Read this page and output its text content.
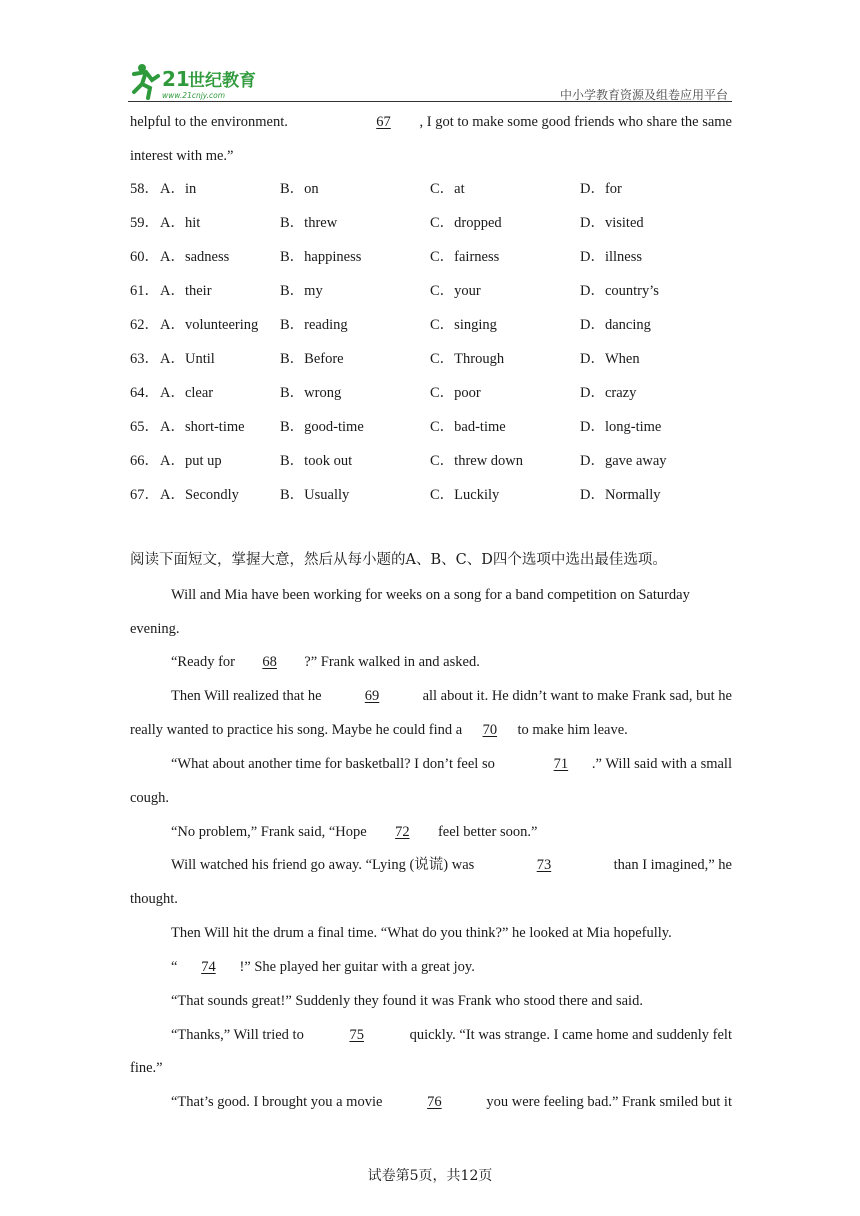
21
世纪教育
www.21cnjy.com	中小学教育资源及组卷应用平台
helpful to the environment.	67 , I got to make some good friends who share the same
interest with me.”
58． A．in	B．on	C．at	D．for
59． A．hit	B．threw	C．dropped	D．visited
60． A．sadness	B．happiness	C．fairness	D．illness
61． A．their	B．my	C．your	D．country’s
62． A．volunteering B．reading	C．singing	D．dancing
63． A．Until	B．Before	C．Through	D．When
64． A．clear	B．wrong	C．poor	D．crazy
65． A．short-time B．good-time	C．bad-time	D．long-time
66． A．put up	B．took out	C．threw down	D．gave away
67． A．Secondly	B．Usually	C．Luckily	D．Normally
阅读下面短文，掌握大意，然后从每小题的A、B、C、D四个选项中选出最佳选项。
Will and Mia have been working for weeks on a song for a band competition on Saturday
evening.
“Ready for 68 ?” Frank walked in and asked.
Then Will realized that he	69	all about it. He didn’t want to make Frank sad, but he
really wanted to practice his song. Maybe he could find a 70 to make him leave.
“What about another time for basketball? I don’t feel so	71 .” Will said with a small
cough.
“No problem,” Frank said, “Hope 72 feel better soon.”
Will watched his friend go away. “Lying (说谎) was	73	than I imagined,” he
thought.
Then Will hit the drum a final time. “What do you think?” he looked at Mia hopefully.
“ 74 !” She played her guitar with a great joy.
“That sounds great!” Suddenly they found it was Frank who stood there and said.
“Thanks,” Will tried to	75	quickly. “It was strange. I came home and suddenly felt
fine.”
“That’s good. I brought you a movie	76	you were feeling bad.” Frank smiled but it
试卷第5页，共12页
